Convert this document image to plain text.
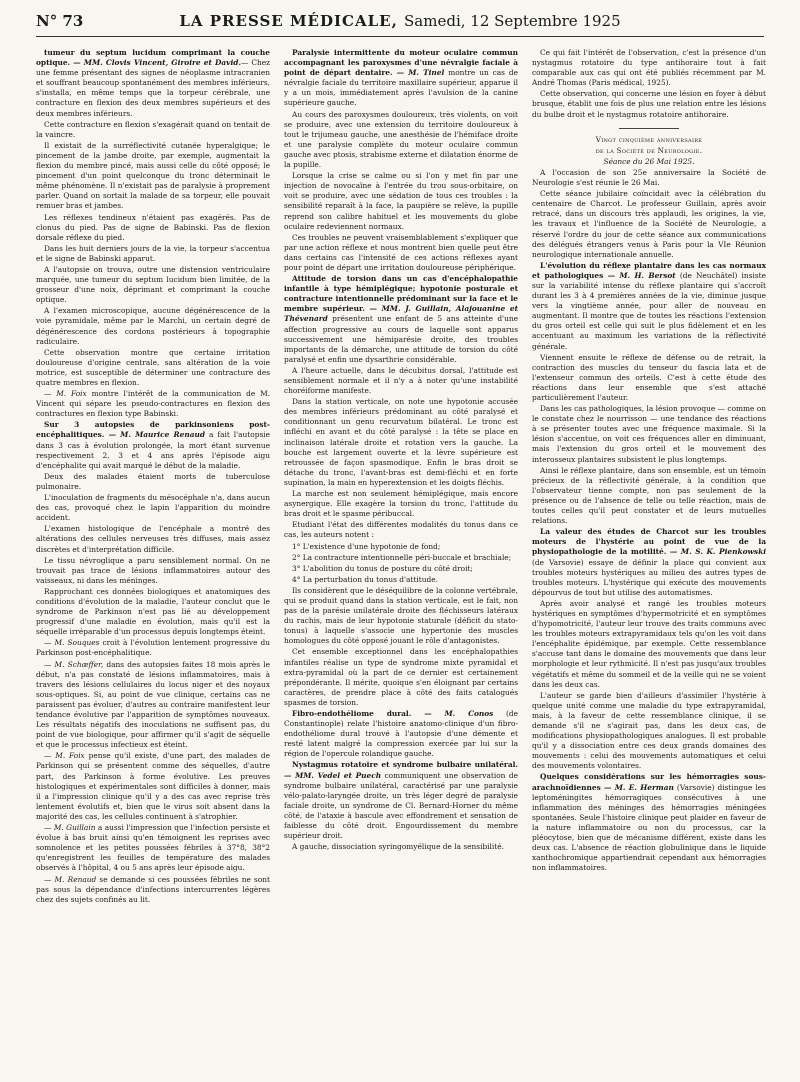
N° 73	LA PRESSE MÉDICALE, Samedi, 12 Septembre 1925

tumeur du septum lucidum comprimant la couche optique. — MM. Clovis Vincent, Giroire et David.— Chez une femme présentant des signes de néoplasme intracranien et souffrant beaucoup spontanément des membres inférieurs, s'installa, en même temps que la torpeur cérébrale, une contracture en flexion des deux membres supérieurs et des deux membres inférieurs.

Cette contracture en flexion s'exagérait quand on tentait de la vaincre.

Il existait de la surréflectivité cutanée hyperalgique; le pincement de la jambe droite, par exemple, augmentait la flexion du membre pincé, mais aussi celle du côté opposé; le pincement d'un point quelconque du tronc déterminait le même phénomène. Il n'existait pas de paralysie à proprement parler. Quand on sortait la malade de sa torpeur, elle pouvait remuer bras et jambes.

Les réflexes tendineux n'étaient pas exagérés. Pas de clonus du pied. Pas de signe de Babinski. Pas de flexion dorsale réflexe du pied.

Dans les huit derniers jours de la vie, la torpeur s'accentua et le signe de Babinski apparut.

A l'autopsie on trouva, outre une distension ventriculaire marquée, une tumeur du septum lucidum bien limitée, de la grosseur d'une noix, déprimant et comprimant la couche optique.

A l'examen microscopique, aucune dégénérescence de la voie pyramidale, même par le Marchi, un certain degré de dégénérescence des cordons postérieurs à topographie radiculaire.

Cette observation montre que certaine irritation douloureuse d'origine centrale, sans altération de la voie motrice, est susceptible de déterminer une contracture des quatre membres en flexion.

— M. Foix montre l'intérêt de la communication de M. Vincent qui sépare les pseudo-contractures en flexion des contractures en flexion type Babinski.

Sur 3 autopsies de parkinsoniens post-encéphalitiques. — M. Maurice Renaud a fait l'autopsie dans 3 cas à évolution prolongée, la mort étant survenue respectivement 2, 3 et 4 ans après l'épisode aigu d'encéphalite qui avait marqué le début de la maladie.

Deux des malades étaient morts de tuberculose pulmonaire.

L'inoculation de fragments du mésocéphale n'a, dans aucun des cas, provoqué chez le lapin l'apparition du moindre accident.

L'examen histologique de l'encéphale a montré des altérations des cellules nerveuses très diffuses, mais assez discrètes et d'interprétation difficile.

Le tissu névroglique a paru sensiblement normal. On ne trouvait pas trace de lésions inflammatoires autour des vaisseaux, ni dans les méninges.

Rapprochant ces données biologiques et anatomiques des conditions d'évolution de la maladie, l'auteur conclut que le syndrome de Parkinson n'est pas lié au développement progressif d'une maladie en évolution, mais qu'il est la séquelle irréparable d'un processus depuis longtemps éteint.

— M. Souques croit à l'évolution lentement progressive du Parkinson post-encéphalitique.

— M. Schæffer, dans des autopsies faites 18 mois après le début, n'a pas constaté de lésions inflammatoires, mais à travers des lésions cellulaires du locus niger et des noyaux sous-optiques. Si, au point de vue clinique, certains cas ne paraissent pas évoluer, d'autres au contraire manifestent leur tendance évolutive par l'apparition de symptômes nouveaux. Les résultats négatifs des inoculations ne suffisent pas, du point de vue biologique, pour affirmer qu'il s'agit de séquelle et que le processus infectieux est éteint.

— M. Foix pense qu'il existe, d'une part, des malades de Parkinson qui se présentent comme des séquelles, d'autre part, des Parkinson à forme évolutive. Les preuves histologiques et expérimentales sont difficiles à donner, mais il a l'impression clinique qu'il y a des cas avec reprise très lentement évolutifs et, bien que le virus soit absent dans la majorité des cas, les cellules continuent à s'atrophier.

— M. Guillain a aussi l'impression que l'infection persiste et évolue à bas bruit ainsi qu'en témoignent les reprises avec somnolence et les petites poussées fébriles à 37°8, 38°2 qu'enregistrent les feuilles de température des malades observés à l'hôpital, 4 ou 5 ans après leur épisode aigu.

— M. Renaud se demande si ces poussées fébriles ne sont pas sous la dépendance d'infections intercurrentes légères chez des sujets confinés au lit.

Paralysie intermittente du moteur oculaire commun accompagnant les paroxysmes d'une névralgie faciale à point de départ dentaire. — M. Tinel montre un cas de névralgie faciale du territoire maxillaire supérieur, apparue il y a un mois, immédiatement après l'avulsion de la canine supérieure gauche.

Au cours des paroxysmes douloureux, très violents, on voit se produire, avec une extension du territoire douloureux à tout le trijumeau gauche, une anesthésie de l'hémiface droite et une paralysie complète du moteur oculaire commun gauche avec ptosis, strabisme externe et dilatation énorme de la pupille.

Lorsque la crise se calme ou si l'on y met fin par une injection de novocaïne à l'entrée du trou sous-orbitaire, on voit se produire, avec une sédation de tous ces troubles : la sensibilité reparaît à la face, la paupière se relève, la pupille reprend son calibre habituel et les mouvements du globe oculaire redeviennent normaux.

Ces troubles ne peuvent vraisemblablement s'expliquer que par une action réflexe et nous montrent bien quelle peut être dans certains cas l'intensité de ces actions réflexes ayant pour point de départ une irritation douloureuse périphérique.

Attitude de torsion dans un cas d'encéphalopathie infantile à type hémiplégique; hypotonie posturale et contracture intentionnelle prédominant sur la face et le membre supérieur. — MM. J. Guillain, Alajouanine et Thévenard présentent une enfant de 5 ans atteinte d'une affection progressive au cours de laquelle sont apparus successivement une hémiparésie droite, des troubles importants de la démarche, une attitude de torsion du côté paralysé et enfin une dysarthrie considérable.

A l'heure actuelle, dans le décubitus dorsal, l'attitude est sensiblement normale et il n'y a à noter qu'une instabilité choréiforme manifeste.

Dans la station verticale, on note une hypotonie accusée des membres inférieurs prédominant au côté paralysé et conditionnant un genu recurvatum bilatéral. Le tronc est infléchi en avant et du côté paralysé : la tête se place en inclinaison latérale droite et rotation vers la gauche. La bouche est largement ouverte et la lèvre supérieure est retroussée de façon spasmodique. Enfin le bras droit se détache du tronc, l'avant-bras est demi-fléchi et en forte supination, la main en hyperextension et les doigts fléchis.

La marche est non seulement hémiplégique, mais encore asynergique. Elle exagère la torsion du tronc, l'attitude du bras droit et le spasme péribuccal.

Etudiant l'état des différentes modalités du tonus dans ce cas, les auteurs notent :

1° L'existence d'une hypotonie de fond;

2° La contracture intentionnelle péri-buccale et brachiale;

3° L'abolition du tonus de posture du côté droit;

4° La perturbation du tonus d'attitude.

Ils considèrent que le déséquilibre de la colonne vertébrale, qui se produit quand dans la station verticale, est le fait, non pas de la parésie unilatérale droite des fléchisseurs latéraux du rachis, mais de leur hypotonie staturale (déficit du stato-tonus) à laquelle s'associe une hypertonie des muscles homologues du côté opposé jouant le rôle d'antagonistes.

Cet ensemble exceptionnel dans les encéphalopathies infantiles réalise un type de syndrome mixte pyramidal et extra-pyramidal où la part de ce dernier est certainement prépondérante. Il mérite, quoique s'en éloignant par certains caractères, de prendre place à côté des faits catalogués spasmes de torsion.

Fibro-endothéliome dural. — M. Conos (de Constantinople) relate l'histoire anatomo-clinique d'un fibro-endothéliome dural trouvé à l'autopsie d'une démente et resté latent malgré la compression exercée par lui sur la région de l'opercule rolandique gauche.

Nystagmus rotatoire et syndrome bulbaire unilatéral. — MM. Vedel et Puech communiquent une observation de syndrome bulbaire unilatéral, caractérisé par une paralysie vélo-palato-laryngée droite, un très léger degré de paralysie faciale droite, un syndrome de Cl. Bernard-Horner du même côté, de l'ataxie à bascule avec effondrement et sensation de faiblesse du côté droit. Engourdissement du membre supérieur droit.

A gauche, dissociation syringomyélique de la sensibilité.

Ce qui fait l'intérêt de l'observation, c'est la présence d'un nystagmus rotatoire du type antihoraire tout à fait comparable aux cas qui ont été publiés récemment par M. André Thomas (Paris médical, 1925).

Cette observation, qui concerne une lésion en foyer à début brusque, établit une fois de plus une relation entre les lésions du bulbe droit et le nystagmus rotatoire antihoraire.

Vingt cinquième anniversaire

de la Société de Neurologie.

Séance du 26 Mai 1925.

A l'occasion de son 25e anniversaire la Société de Neurologie s'est réunie le 26 Mai.

Cette séance jubilaire coïncidait avec la célébration du centenaire de Charcot. Le professeur Guillain, après avoir retracé, dans un discours très applaudi, les origines, la vie, les travaux et l'influence de la Société de Neurologie, a réservé l'ordre du jour de cette séance aux communications des délégués étrangers venus à Paris pour la VIe Réunion neurologique internationale annuelle.

L'évolution du réflexe plantaire dans les cas normaux et pathologiques — M. H. Bersot (de Neuchâtel) insiste sur la variabilité intense du réflexe plantaire qui s'accroît durant les 3 à 4 premières années de la vie, diminue jusque vers la vingtième année, pour aller de nouveau en augmentant. Il montre que de toutes les réactions l'extension du gros orteil est celle qui suit le plus fidèlement et en les accentuant au maximum les variations de la réflectivité générale.

Viennent ensuite le réflexe de défense ou de retrait, la contraction des muscles du tenseur du fascia lata et de l'extenseur commun des orteils. C'est à cette étude des réactions dans leur ensemble que s'est attaché particulièrement l'auteur.

Dans les cas pathologiques, la lésion provoque — comme on le constate chez le nourrisson — une tendance des réactions à se présenter toutes avec une fréquence maximale. Si la lésion s'accentue, on voit ces fréquences aller en diminuant, mais l'extension du gros orteil et le mouvement des interosseux plantaires subsistent le plus longtemps.

Ainsi le réflexe plantaire, dans son ensemble, est un témoin précieux de la réflectivité générale, à la condition que l'observateur tienne compte, non pas seulement de la présence ou de l'absence de telle ou telle réaction, mais de toutes celles qu'il peut constater et de leurs mutuelles relations.

La valeur des études de Charcot sur les troubles moteurs de l'hystérie au point de vue de la physiopathologie de la motilité. — M. S. K. Pienkowski (de Varsovie) essaye de définir la place qui convient aux troubles moteurs hystériques au milieu des autres types de troubles moteurs. L'hystérique qui exécute des mouvements dépourvus de tout but utilise des automatismes.

Après avoir analysé et rangé les troubles moteurs hystériques en symptômes d'hypermotricité et en symptômes d'hypomotricité, l'auteur leur trouve des traits communs avec les troubles moteurs extrapyramidaux tels qu'on les voit dans l'encéphalite épidémique, par exemple. Cette ressemblance s'accuse tant dans le domaine des mouvements que dans leur morphologie et leur rythmicité. Il n'est pas jusqu'aux troubles végétatifs et même du sommeil et de la veille qui ne se voient dans les deux cas.

L'auteur se garde bien d'ailleurs d'assimiler l'hystérie à quelque unité comme une maladie du type extrapyramidal, mais, à la faveur de cette ressemblance clinique, il se demande s'il ne s'agirait pas, dans les deux cas, de modifications physiopathologiques analogues. Il est probable qu'il y a dissociation entre ces deux grands domaines des mouvements : celui des mouvements automatiques et celui des mouvements volontaires.

Quelques considérations sur les hémorragies sous-arachnoïdiennes — M. E. Herman (Varsovie) distingue les leptoméningites hémorragiques consécutives à une inflammation des méninges des hémorragies méningées spontanées. Seule l'histoire clinique peut plaider en faveur de la nature inflammatoire ou non du processus, car la pléocytose, bien que de mécanisme différent, existe dans les deux cas. L'absence de réaction globulinique dans le liquide xanthochromique appartiendrait cependant aux hémorragies non inflammatoires.
